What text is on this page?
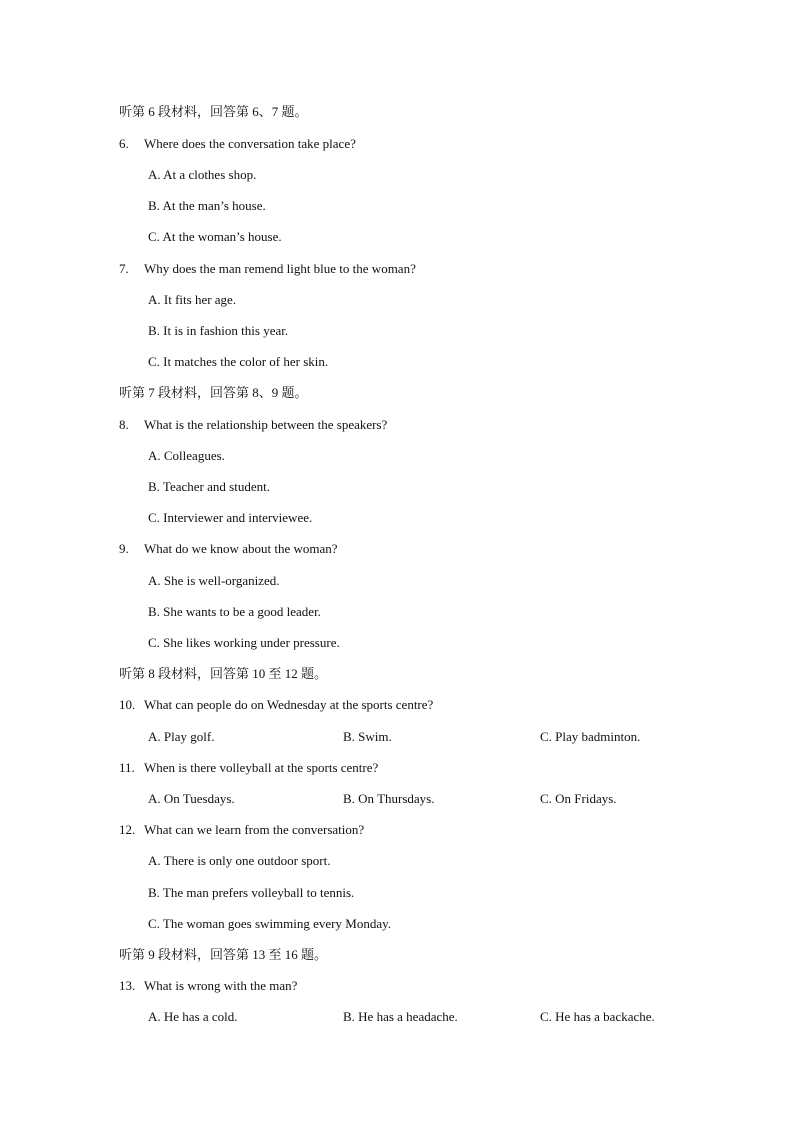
听第 6 段材料，回答第 6、7 题。
6. Where does the conversation take place?
A. At a clothes shop.
B. At the man’s house.
C. At the woman’s house.
7. Why does the man remend light blue to the woman?
A. It fits her age.
B. It is in fashion this year.
C. It matches the color of her skin.
听第 7 段材料，回答第 8、9 题。
8. What is the relationship between the speakers?
A. Colleagues.
B. Teacher and student.
C. Interviewer and interviewee.
9. What do we know about the woman?
A. She is well-organized.
B. She wants to be a good leader.
C. She likes working under pressure.
听第 8 段材料，回答第 10 至 12 题。
10. What can people do on Wednesday at the sports centre?
A. Play golf.	B. Swim.	C. Play badminton.
11. When is there volleyball at the sports centre?
A. On Tuesdays.	B. On Thursdays.	C. On Fridays.
12. What can we learn from the conversation?
A. There is only one outdoor sport.
B. The man prefers volleyball to tennis.
C. The woman goes swimming every Monday.
听第 9 段材料，回答第 13 至 16 题。
13. What is wrong with the man?
A. He has a cold.	B. He has a headache.	C. He has a backache.
